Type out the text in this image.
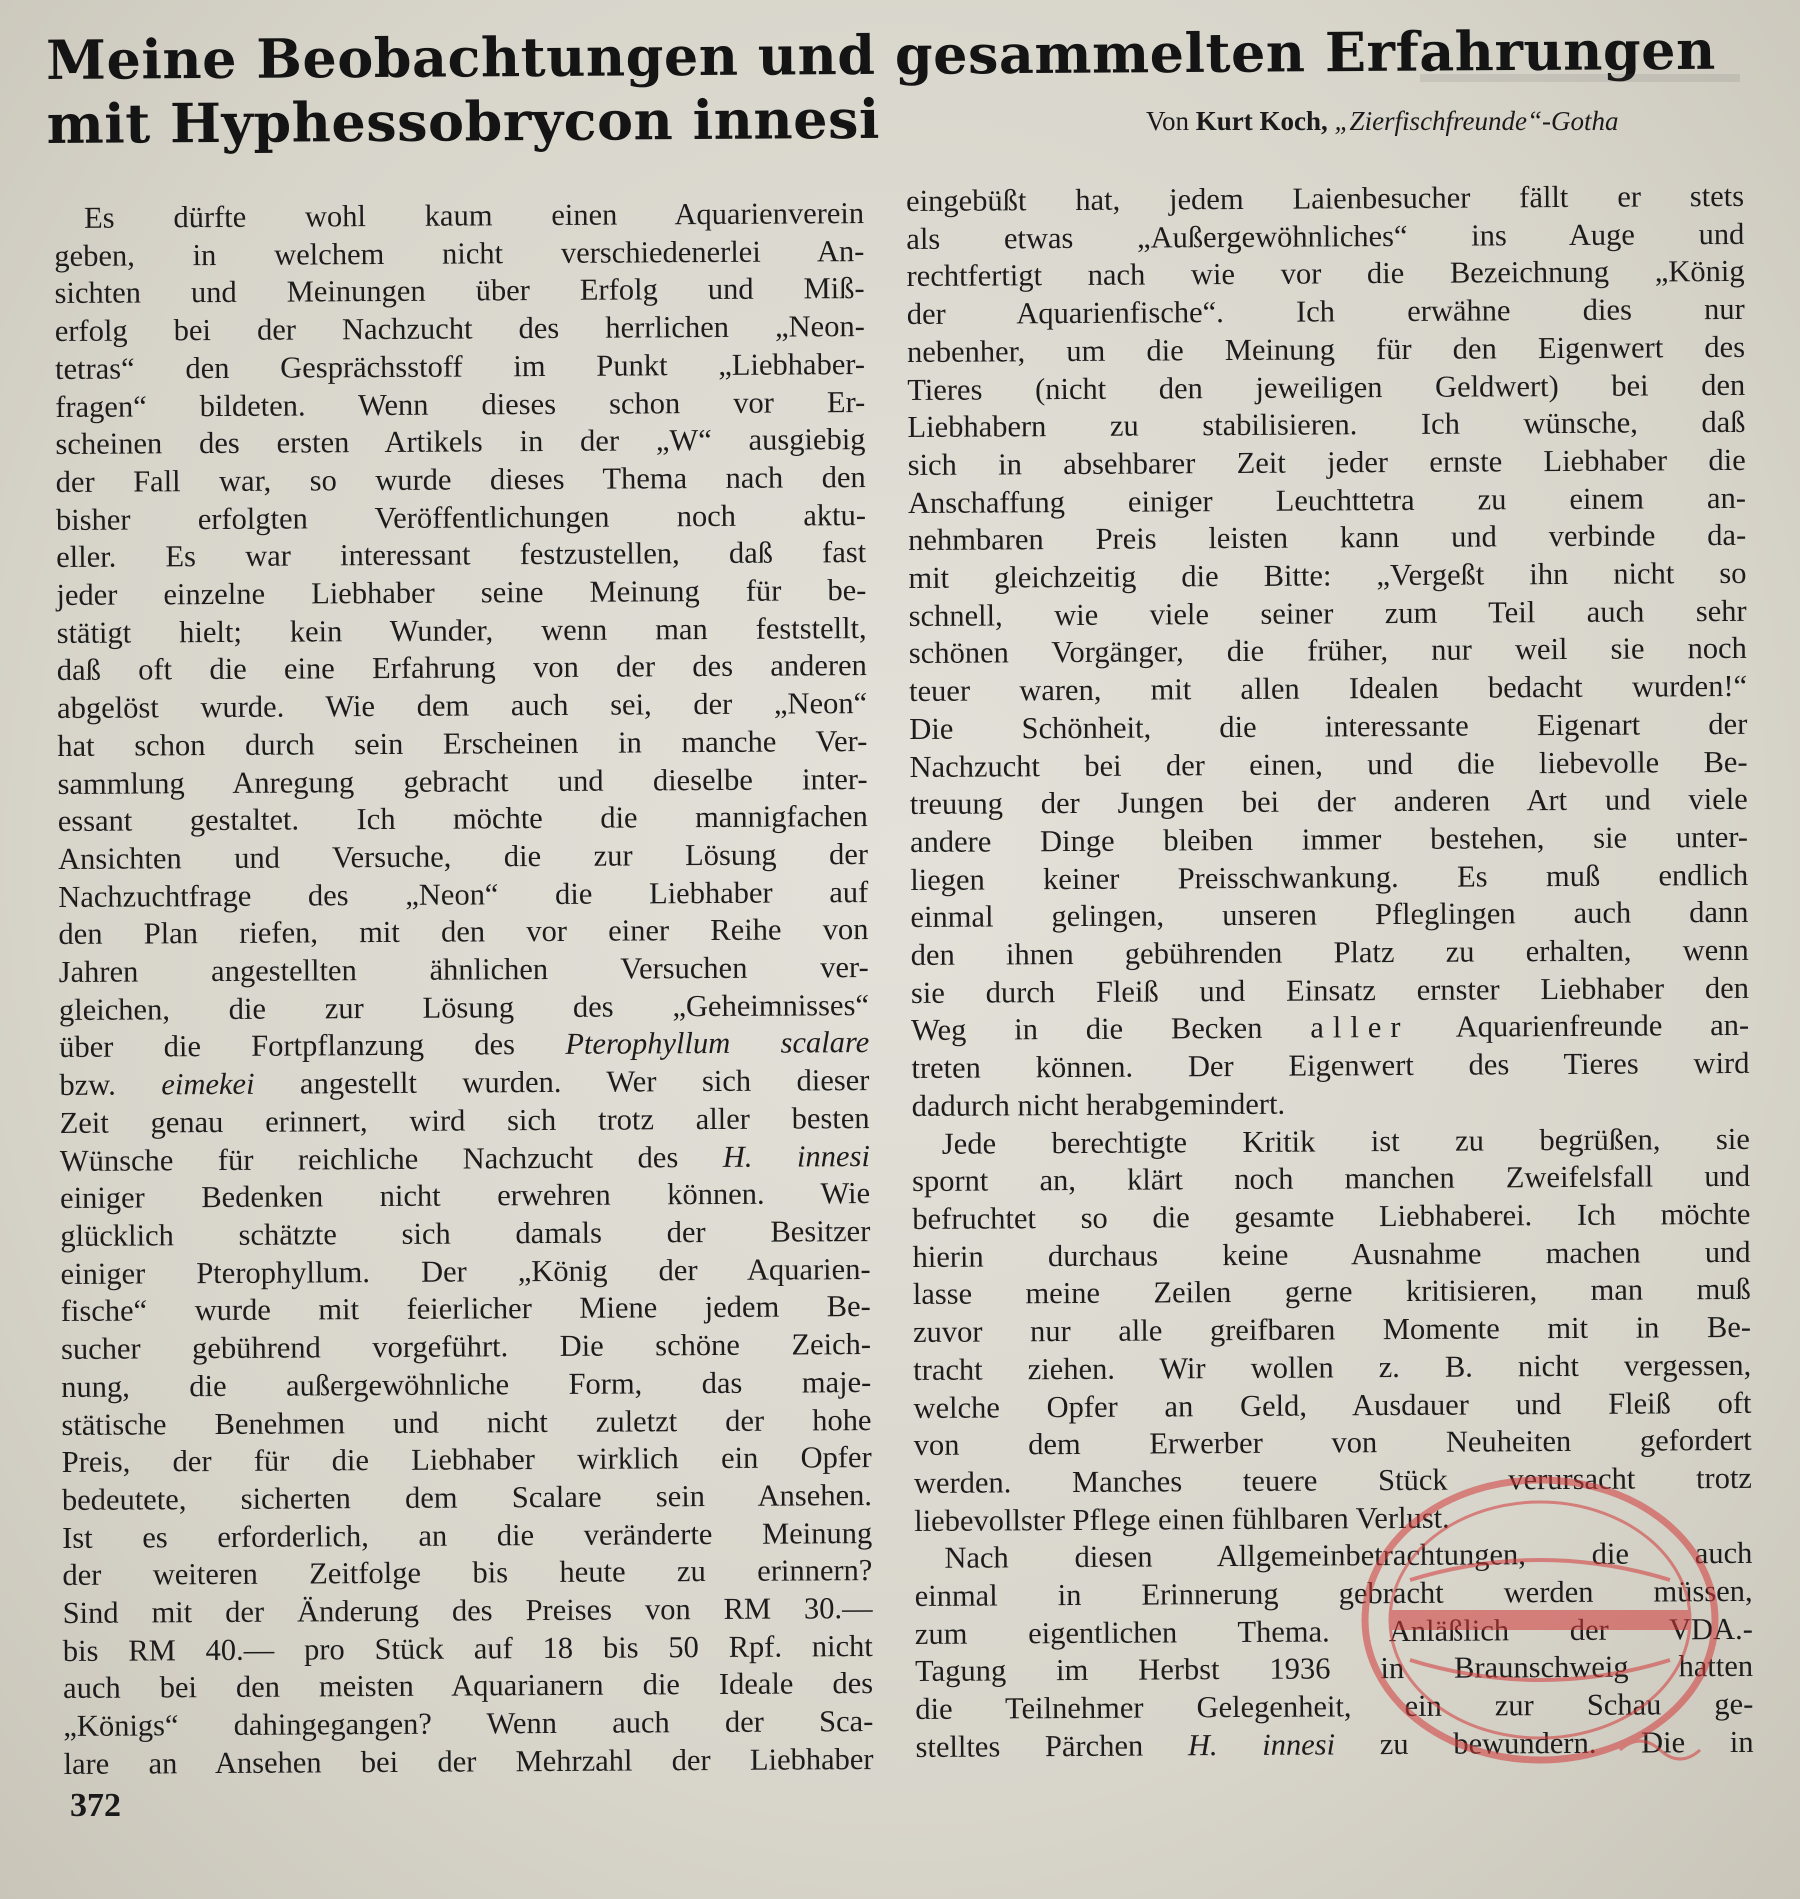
Meine Beobachtungen und gesammelten Erfahrungen
mit Hyphessobrycon innesi	Von Kurt Koch, „Zierfischfreunde“-Gotha
Es dürfte wohl kaum einen Aquarienverein
geben, in welchem nicht verschiedenerlei An-
sichten und Meinungen über Erfolg und Miß-
erfolg bei der Nachzucht des herrlichen „Neon-
tetras“ den Gesprächsstoff im Punkt „Liebhaber-
fragen“ bildeten. Wenn dieses schon vor Er-
scheinen des ersten Artikels in der „W“ ausgiebig
der Fall war, so wurde dieses Thema nach den
bisher erfolgten Veröffentlichungen noch aktu-
eller. Es war interessant festzustellen, daß fast
jeder einzelne Liebhaber seine Meinung für be-
stätigt hielt; kein Wunder, wenn man feststellt,
daß oft die eine Erfahrung von der des anderen
abgelöst wurde. Wie dem auch sei, der „Neon“
hat schon durch sein Erscheinen in manche Ver-
sammlung Anregung gebracht und dieselbe inter-
essant gestaltet. Ich möchte die mannigfachen
Ansichten und Versuche, die zur Lösung der
Nachzuchtfrage des „Neon“ die Liebhaber auf
den Plan riefen, mit den vor einer Reihe von
Jahren angestellten ähnlichen Versuchen ver-
gleichen, die zur Lösung des „Geheimnisses“
über die Fortpflanzung des Pterophyllum scalare
bzw. eimekei angestellt wurden. Wer sich dieser
Zeit genau erinnert, wird sich trotz aller besten
Wünsche für reichliche Nachzucht des H. innesi
einiger Bedenken nicht erwehren können. Wie
glücklich schätzte sich damals der Besitzer
einiger Pterophyllum. Der „König der Aquarien-
fische“ wurde mit feierlicher Miene jedem Be-
sucher gebührend vorgeführt. Die schöne Zeich-
nung, die außergewöhnliche Form, das maje-
stätische Benehmen und nicht zuletzt der hohe
Preis, der für die Liebhaber wirklich ein Opfer
bedeutete, sicherten dem Scalare sein Ansehen.
Ist es erforderlich, an die veränderte Meinung
der weiteren Zeitfolge bis heute zu erinnern?
Sind mit der Änderung des Preises von RM 30.—
bis RM 40.— pro Stück auf 18 bis 50 Rpf. nicht
auch bei den meisten Aquarianern die Ideale des
„Königs“ dahingegangen? Wenn auch der Sca-
lare an Ansehen bei der Mehrzahl der Liebhaber
eingebüßt hat, jedem Laienbesucher fällt er stets
als etwas „Außergewöhnliches“ ins Auge und
rechtfertigt nach wie vor die Bezeichnung „König
der Aquarienfische“. Ich erwähne dies nur
nebenher, um die Meinung für den Eigenwert des
Tieres (nicht den jeweiligen Geldwert) bei den
Liebhabern zu stabilisieren. Ich wünsche, daß
sich in absehbarer Zeit jeder ernste Liebhaber die
Anschaffung einiger Leuchttetra zu einem an-
nehmbaren Preis leisten kann und verbinde da-
mit gleichzeitig die Bitte: „Vergeßt ihn nicht so
schnell, wie viele seiner zum Teil auch sehr
schönen Vorgänger, die früher, nur weil sie noch
teuer waren, mit allen Idealen bedacht wurden!“
Die Schönheit, die interessante Eigenart der
Nachzucht bei der einen, und die liebevolle Be-
treuung der Jungen bei der anderen Art und viele
andere Dinge bleiben immer bestehen, sie unter-
liegen keiner Preisschwankung. Es muß endlich
einmal gelingen, unseren Pfleglingen auch dann
den ihnen gebührenden Platz zu erhalten, wenn
sie durch Fleiß und Einsatz ernster Liebhaber den
Weg in die Becken aller Aquarienfreunde an-
treten können. Der Eigenwert des Tieres wird
dadurch nicht herabgemindert.
Jede berechtigte Kritik ist zu begrüßen, sie
spornt an, klärt noch manchen Zweifelsfall und
befruchtet so die gesamte Liebhaberei. Ich möchte
hierin durchaus keine Ausnahme machen und
lasse meine Zeilen gerne kritisieren, man muß
zuvor nur alle greifbaren Momente mit in Be-
tracht ziehen. Wir wollen z. B. nicht vergessen,
welche Opfer an Geld, Ausdauer und Fleiß oft
von dem Erwerber von Neuheiten gefordert
werden. Manches teuere Stück verursacht trotz
liebevollster Pflege einen fühlbaren Verlust.
Nach diesen Allgemeinbetrachtungen, die auch
einmal in Erinnerung gebracht werden müssen,
zum eigentlichen Thema. Anläßlich der VDA.-
Tagung im Herbst 1936 in Braunschweig hatten
die Teilnehmer Gelegenheit, ein zur Schau ge-
stelltes Pärchen H. innesi zu bewundern. Die in
372
